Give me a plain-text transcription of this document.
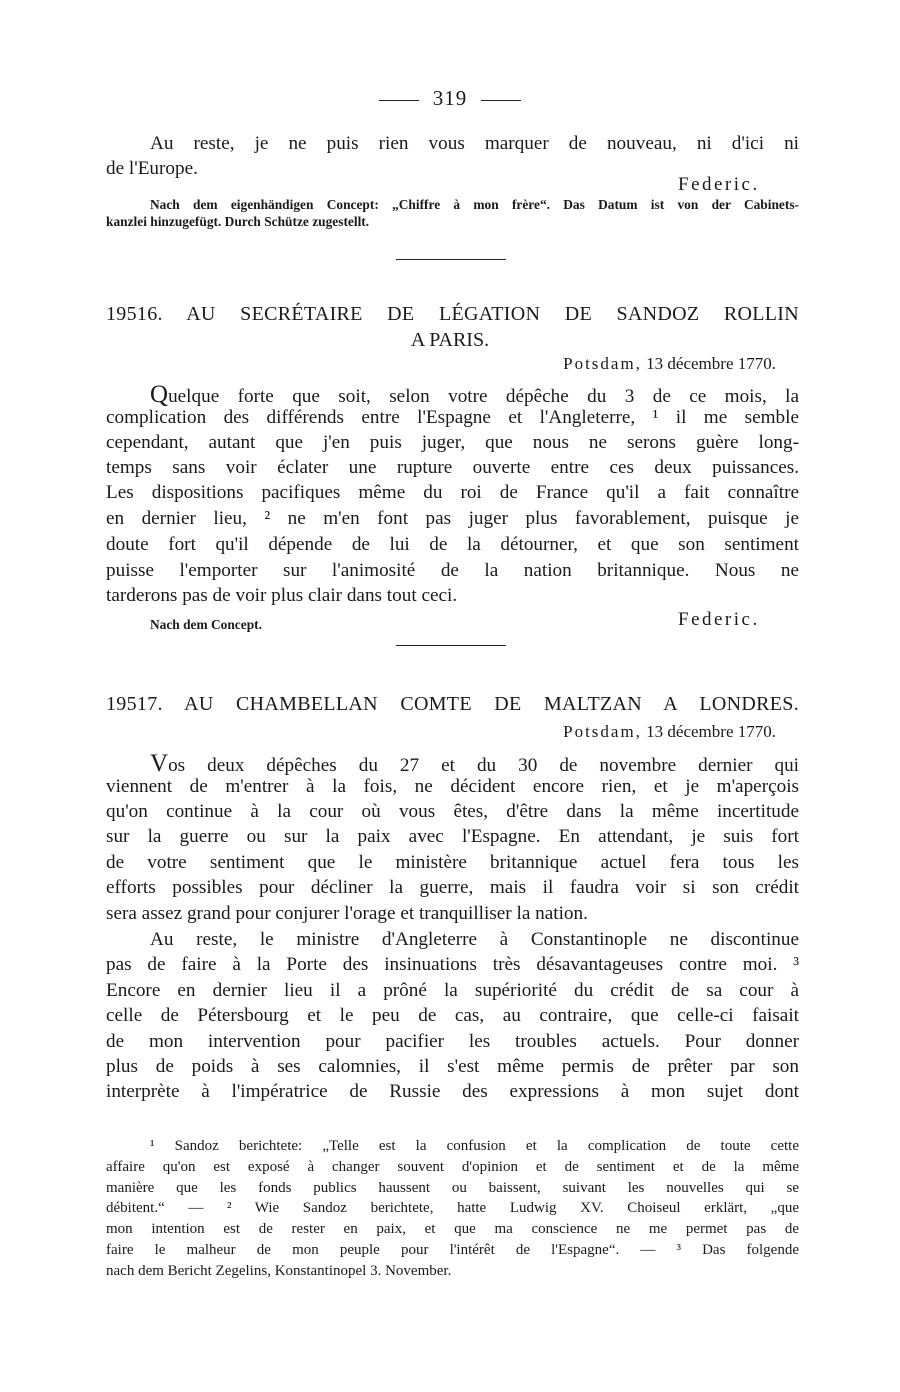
319
Au reste, je ne puis rien vous marquer de nouveau, ni d'ici ni
de l'Europe.
Federic.
Nach dem eigenhändigen Concept: „Chiffre à mon frère“. Das Datum ist von der Cabinets-
kanzlei hinzugefügt. Durch Schütze zugestellt.
19516. AU SECRÉTAIRE DE LÉGATION DE SANDOZ ROLLIN
A PARIS.
Potsdam, 13 décembre 1770.
Quelque forte que soit, selon votre dépêche du 3 de ce mois, la
complication des différends entre l'Espagne et l'Angleterre, ¹ il me semble
cependant, autant que j'en puis juger, que nous ne serons guère long-
temps sans voir éclater une rupture ouverte entre ces deux puissances.
Les dispositions pacifiques même du roi de France qu'il a fait connaître
en dernier lieu, ² ne m'en font pas juger plus favorablement, puisque je
doute fort qu'il dépende de lui de la détourner, et que son sentiment
puisse l'emporter sur l'animosité de la nation britannique. Nous ne
tarderons pas de voir plus clair dans tout ceci.
Nach dem Concept.	Federic.
19517. AU CHAMBELLAN COMTE DE MALTZAN A LONDRES.
Potsdam, 13 décembre 1770.
Vos deux dépêches du 27 et du 30 de novembre dernier qui
viennent de m'entrer à la fois, ne décident encore rien, et je m'aperçois
qu'on continue à la cour où vous êtes, d'être dans la même incertitude
sur la guerre ou sur la paix avec l'Espagne. En attendant, je suis fort
de votre sentiment que le ministère britannique actuel fera tous les
efforts possibles pour décliner la guerre, mais il faudra voir si son crédit
sera assez grand pour conjurer l'orage et tranquilliser la nation.
Au reste, le ministre d'Angleterre à Constantinople ne discontinue
pas de faire à la Porte des insinuations très désavantageuses contre moi. ³
Encore en dernier lieu il a prôné la supériorité du crédit de sa cour à
celle de Pétersbourg et le peu de cas, au contraire, que celle-ci faisait
de mon intervention pour pacifier les troubles actuels. Pour donner
plus de poids à ses calomnies, il s'est même permis de prêter par son
interprète à l'impératrice de Russie des expressions à mon sujet dont
¹ Sandoz berichtete: „Telle est la confusion et la complication de toute cette
affaire qu'on est exposé à changer souvent d'opinion et de sentiment et de la même
manière que les fonds publics haussent ou baissent, suivant les nouvelles qui se
débitent.“ — ² Wie Sandoz berichtete, hatte Ludwig XV. Choiseul erklärt, „que
mon intention est de rester en paix, et que ma conscience ne me permet pas de
faire le malheur de mon peuple pour l'intérêt de l'Espagne“. — ³ Das folgende
nach dem Bericht Zegelins, Konstantinopel 3. November.
